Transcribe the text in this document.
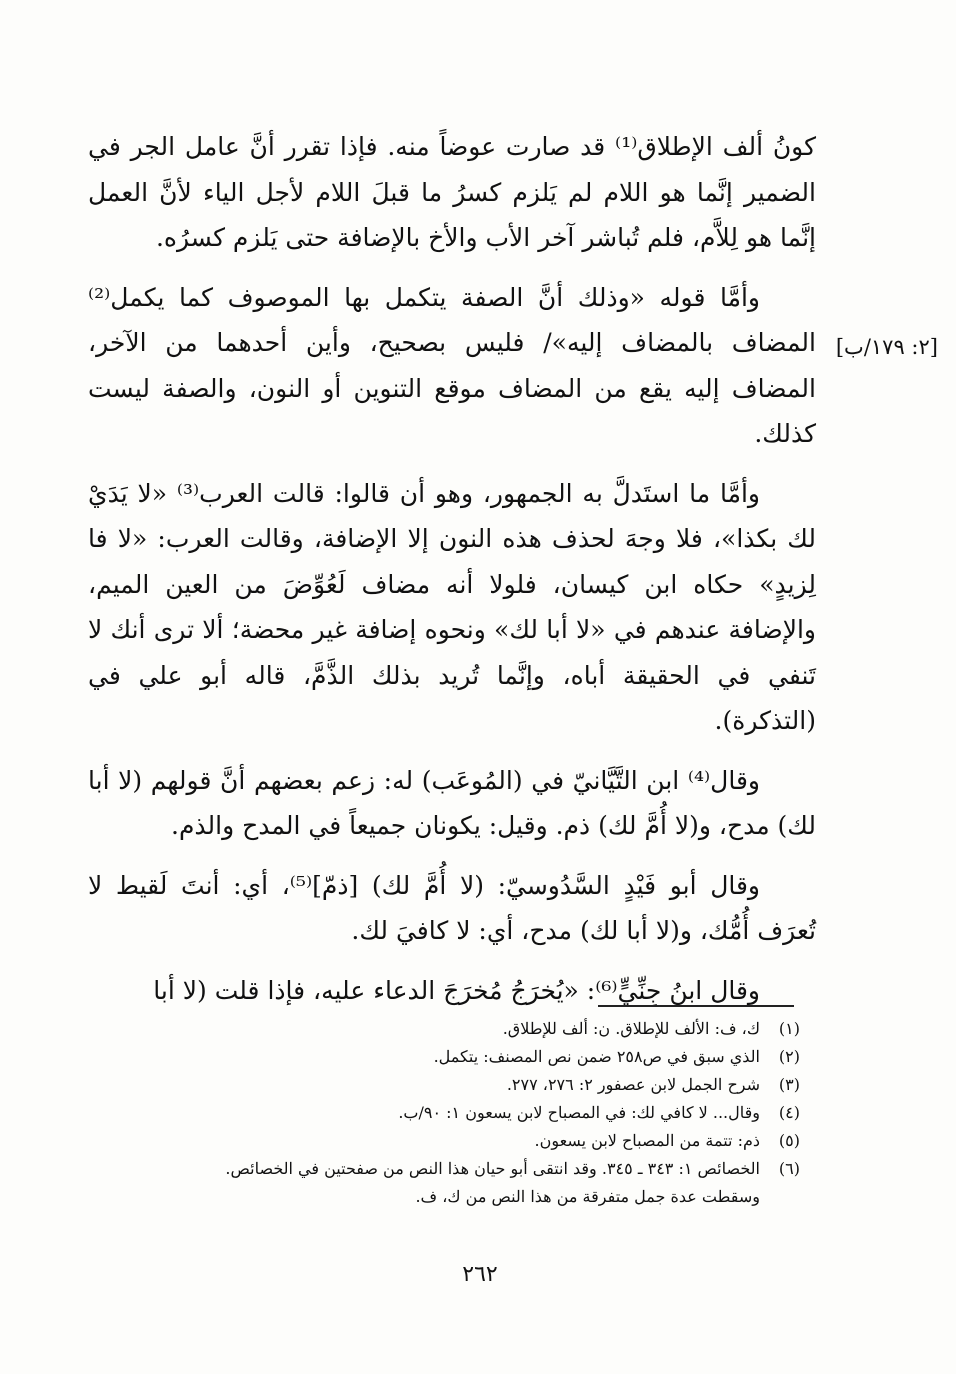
[٢: ١٧٩/ب]

كونُ ألف الإطلاق⁽¹⁾ قد صارت عوضاً منه. فإذا تقرر أنَّ عامل الجر في الضمير إنَّما هو اللام لم يَلزم كسرُ ما قبلَ اللام لأجل الياء لأنَّ العمل إنَّما هو لِلاَّم، فلم تُباشر آخر الأب والأخ بالإضافة حتى يَلزم كسرُه.

وأمَّا قوله «وذلك أنَّ الصفة يتكمل بها الموصوف كما يكمل⁽²⁾ المضاف بالمضاف إليه»/ فليس بصحيح، وأين أحدهما من الآخر، المضاف إليه يقع من المضاف موقع التنوين أو النون، والصفة ليست كذلك.

وأمَّا ما استَدلَّ به الجمهور، وهو أن قالوا: قالت العرب⁽³⁾ «لا يَدَيْ لك بكذا»، فلا وجهَ لحذف هذه النون إلا الإضافة، وقالت العرب: «لا فا لِزيدٍ» حكاه ابن كيسان، فلولا أنه مضاف لَعُوِّضَ من العين الميم، والإضافة عندهم في «لا أبا لك» ونحوه إضافة غير محضة؛ ألا ترى أنك لا تَنفي في الحقيقة أباه، وإنَّما تُريد بذلك الذَّمَّ، قاله أبو علي في (التذكرة).

وقال⁽⁴⁾ ابن التَّيَّانيّ في (المُوعَب) له: زعم بعضهم أنَّ قولهم (لا أبا لك) مدح، و(لا أُمَّ لك) ذم. وقيل: يكونان جميعاً في المدح والذم.

وقال أبو فَيْدٍ السَّدُوسيّ: (لا أُمَّ لك) [ذمّ]⁽⁵⁾، أي: أنتَ لَقيط لا تُعرَف أُمُّك، و(لا أبا لك) مدح، أي: لا كافيَ لك.

وقال ابنُ جِنِّيٍّ⁽⁶⁾: «يُخرَجُ مُخرَجَ الدعاء عليه، فإذا قلت (لا أبا

(١)ك، ف: الألف للإطلاق. ن: ألف للإطلاق.
(٢)الذي سبق في ص٢٥٨ ضمن نص المصنف: يتكمل.
(٣)شرح الجمل لابن عصفور ٢: ٢٧٦، ٢٧٧.
(٤)وقال... لا كافي لك: في المصباح لابن يسعون ١: ٩٠/ب.
(٥)ذم: تتمة من المصباح لابن يسعون.
(٦)الخصائص ١: ٣٤٣ ـ ٣٤٥. وقد انتقى أبو حيان هذا النص من صفحتين في الخصائص.
وسقطت عدة جمل متفرقة من هذا النص من ك، ف.
٢٦٢
